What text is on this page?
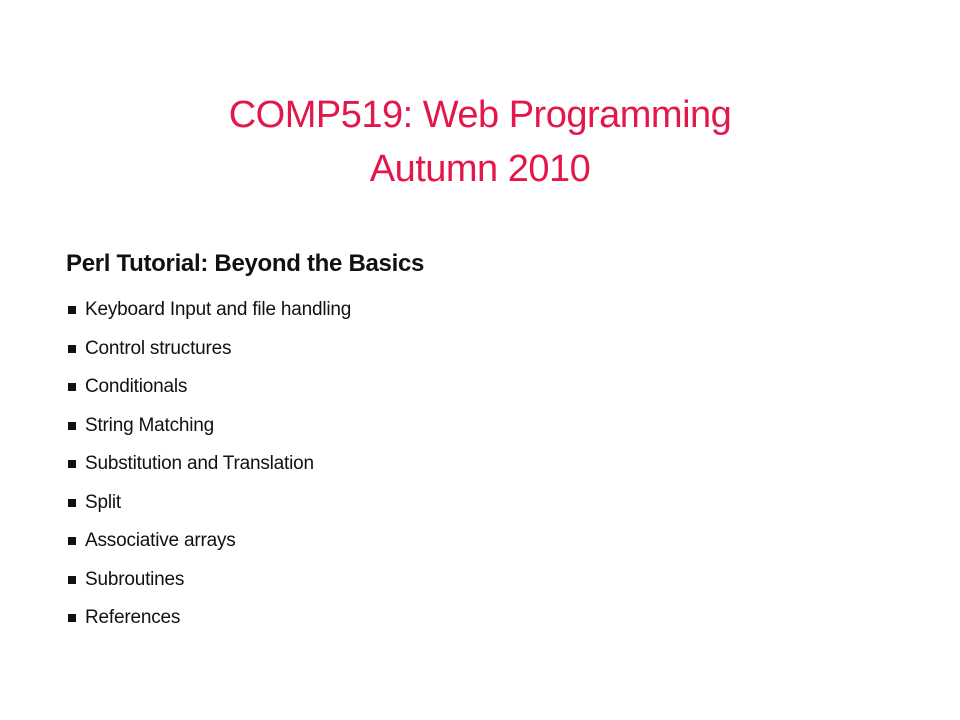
COMP519: Web Programming
Autumn 2010
Perl Tutorial: Beyond the Basics
Keyboard Input and file handling
Control structures
Conditionals
String Matching
Substitution and Translation
Split
Associative arrays
Subroutines
References
